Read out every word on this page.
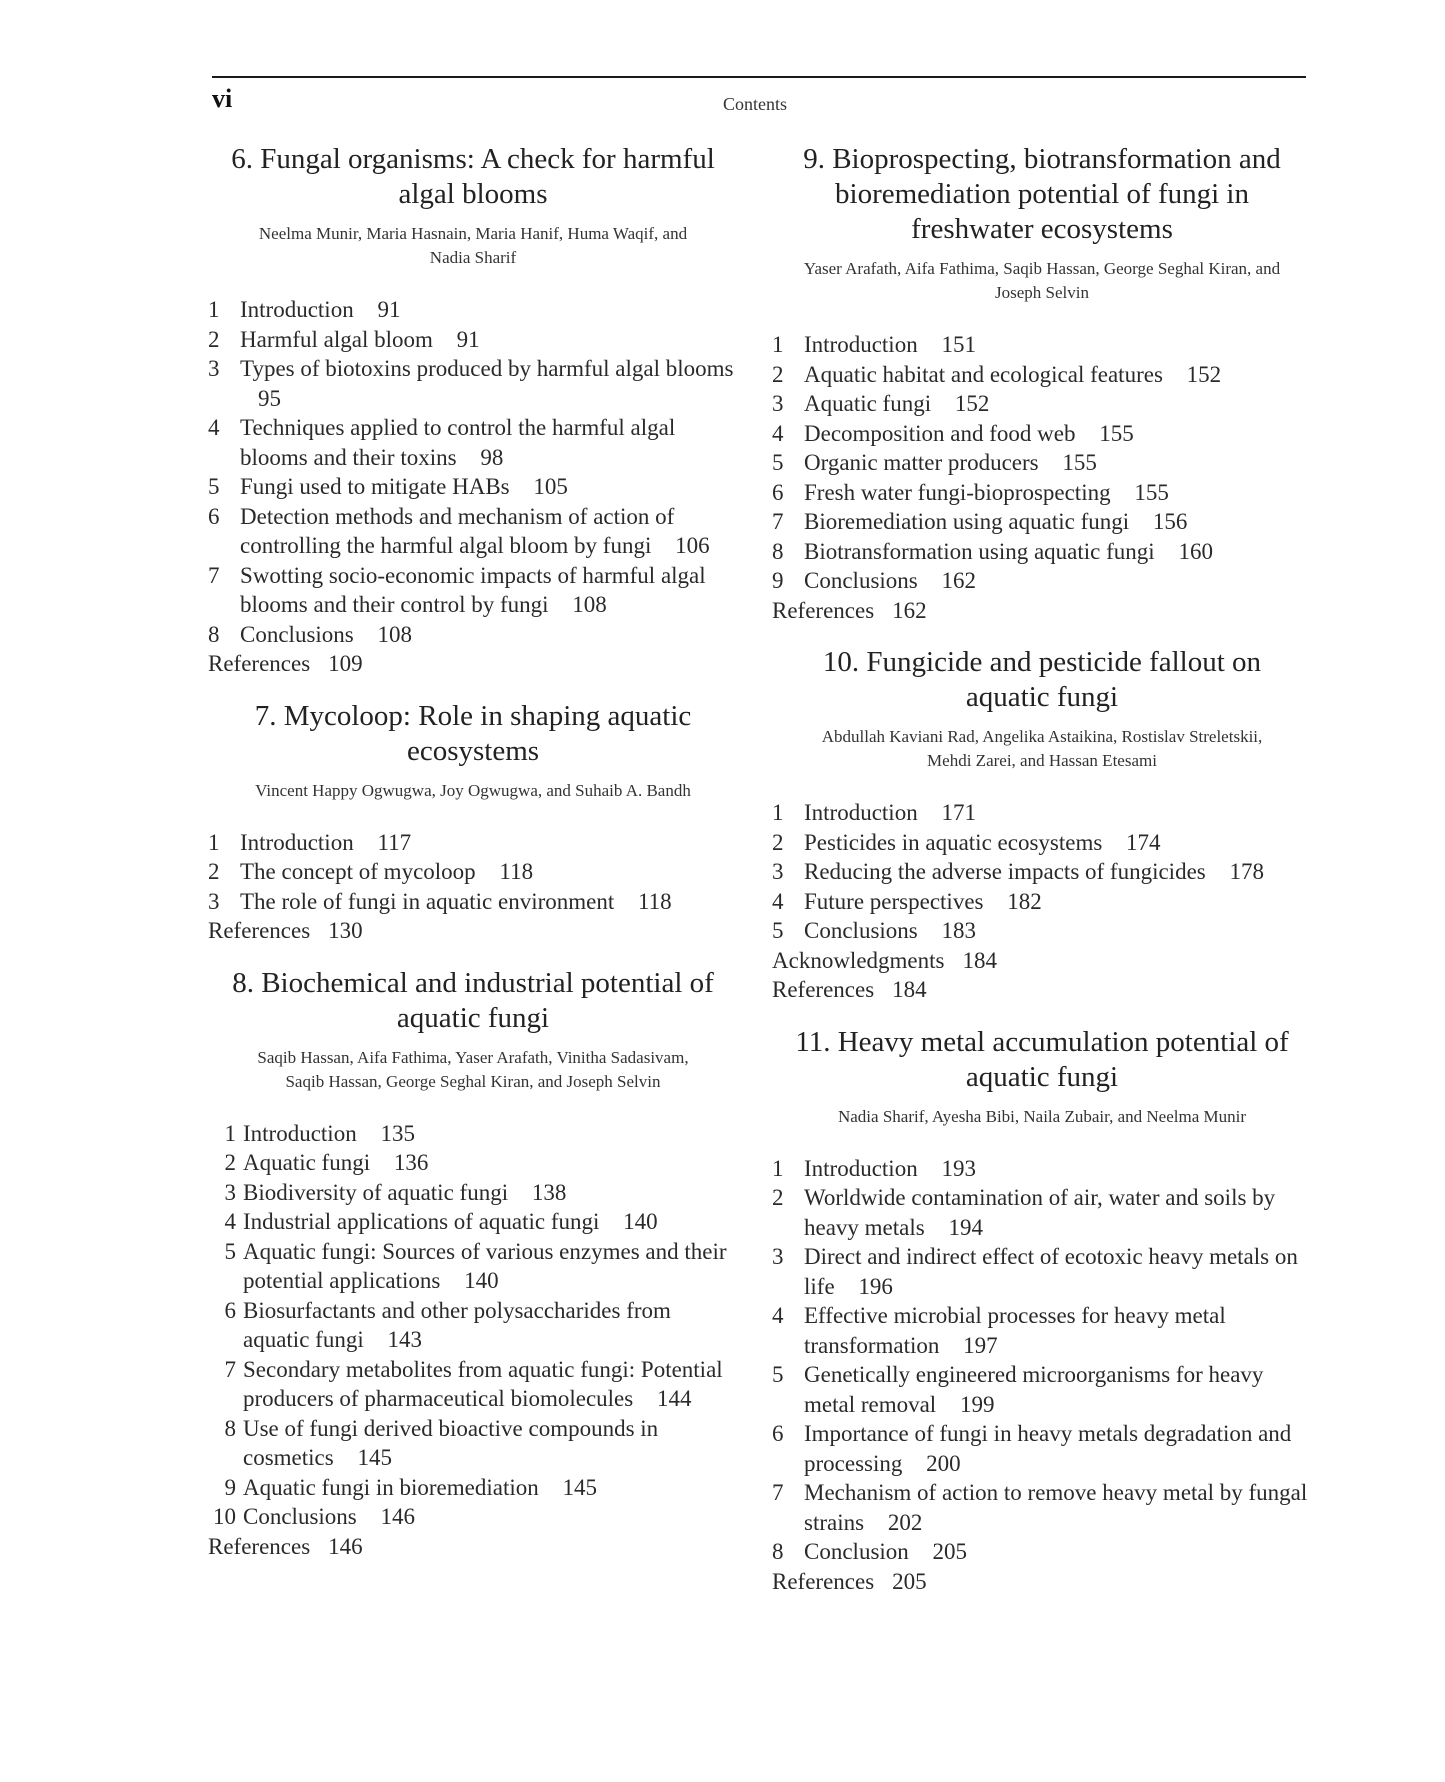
vi	Contents
6. Fungal organisms: A check for harmful algal blooms
Neelma Munir, Maria Hasnain, Maria Hanif, Huma Waqif, and Nadia Sharif
1 Introduction 91
2 Harmful algal bloom 91
3 Types of biotoxins produced by harmful algal blooms 95
4 Techniques applied to control the harmful algal blooms and their toxins 98
5 Fungi used to mitigate HABs 105
6 Detection methods and mechanism of action of controlling the harmful algal bloom by fungi 106
7 Swotting socio-economic impacts of harmful algal blooms and their control by fungi 108
8 Conclusions 108
References 109
7. Mycoloop: Role in shaping aquatic ecosystems
Vincent Happy Ogwugwa, Joy Ogwugwa, and Suhaib A. Bandh
1 Introduction 117
2 The concept of mycoloop 118
3 The role of fungi in aquatic environment 118
References 130
8. Biochemical and industrial potential of aquatic fungi
Saqib Hassan, Aifa Fathima, Yaser Arafath, Vinitha Sadasivam, Saqib Hassan, George Seghal Kiran, and Joseph Selvin
1 Introduction 135
2 Aquatic fungi 136
3 Biodiversity of aquatic fungi 138
4 Industrial applications of aquatic fungi 140
5 Aquatic fungi: Sources of various enzymes and their potential applications 140
6 Biosurfactants and other polysaccharides from aquatic fungi 143
7 Secondary metabolites from aquatic fungi: Potential producers of pharmaceutical biomolecules 144
8 Use of fungi derived bioactive compounds in cosmetics 145
9 Aquatic fungi in bioremediation 145
10 Conclusions 146
References 146
9. Bioprospecting, biotransformation and bioremediation potential of fungi in freshwater ecosystems
Yaser Arafath, Aifa Fathima, Saqib Hassan, George Seghal Kiran, and Joseph Selvin
1 Introduction 151
2 Aquatic habitat and ecological features 152
3 Aquatic fungi 152
4 Decomposition and food web 155
5 Organic matter producers 155
6 Fresh water fungi-bioprospecting 155
7 Bioremediation using aquatic fungi 156
8 Biotransformation using aquatic fungi 160
9 Conclusions 162
References 162
10. Fungicide and pesticide fallout on aquatic fungi
Abdullah Kaviani Rad, Angelika Astaikina, Rostislav Streletskii, Mehdi Zarei, and Hassan Etesami
1 Introduction 171
2 Pesticides in aquatic ecosystems 174
3 Reducing the adverse impacts of fungicides 178
4 Future perspectives 182
5 Conclusions 183
Acknowledgments 184
References 184
11. Heavy metal accumulation potential of aquatic fungi
Nadia Sharif, Ayesha Bibi, Naila Zubair, and Neelma Munir
1 Introduction 193
2 Worldwide contamination of air, water and soils by heavy metals 194
3 Direct and indirect effect of ecotoxic heavy metals on life 196
4 Effective microbial processes for heavy metal transformation 197
5 Genetically engineered microorganisms for heavy metal removal 199
6 Importance of fungi in heavy metals degradation and processing 200
7 Mechanism of action to remove heavy metal by fungal strains 202
8 Conclusion 205
References 205
